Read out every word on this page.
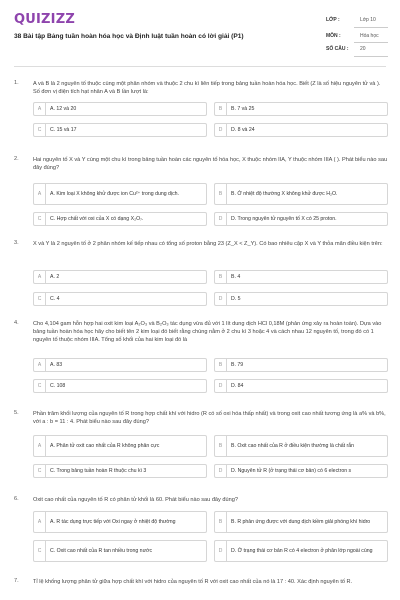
QUIZIZZ
38 Bài tập Bảng tuần hoàn hóa học và Định luật tuần hoàn có lời giải (P1)
LỚP :	Lớp 10
MÔN :	Hóa học
SỐ CÂU : 20
1.	A và B là 2 nguyên tố thuộc cùng một phân nhóm và thuộc 2 chu kì liên tiếp trong bảng tuần hoàn hóa học. Biết (Z là số hiệu nguyên tử và ). Số đơn vị điện tích hạt nhân A và B lần lượt là:
A	A. 12 và 20	B	B. 7 và 25
C	C. 15 và 17	D	D. 8 và 24
2.	Hai nguyên tố X và Y cùng một chu kì trong bảng tuần hoàn các nguyên tố hóa học, X thuộc nhóm IIA, Y thuộc nhóm IIIA ( ). Phát biểu nào sau đây đúng?
A	A. Kim loại X không khử được ion Cu²⁺ trong dung dịch.	B	B. Ở nhiệt độ thường X không khử được H₂O.
C	C. Hợp chất với oxi của X có dạng X₂O₇.	D	D. Trong nguyên tử nguyên tố X có 25 proton.
3.	X và Y là 2 nguyên tố ở 2 phân nhóm kế tiếp nhau có tổng số proton bằng 23 (Z_X < Z_Y). Có bao nhiêu cặp X và Y thỏa mãn điều kiện trên:
A	A. 2	B	B. 4
C	C. 4	D	D. 5
4.	Cho 4,104 gam hỗn hợp hai oxit kim loại A₂O₃ và B₂O₃ tác dụng vừa đủ với 1 lít dung dịch HCl 0,18M (phản ứng xảy ra hoàn toàn). Dựa vào bảng tuần hoàn hóa học hãy cho biết tên 2 kim loại đó biết rằng chúng nằm ở 2 chu kì 3 hoặc 4 và cách nhau 12 nguyên tố, trong đó có 1 nguyên tố thuộc nhóm IIIA. Tổng số khối của hai kim loại đó là
A	A. 83	B	B. 79
C	C. 108	D	D. 84
5.	Phần trăm khối lượng của nguyên tố R trong hợp chất khí với hidro (R có số oxi hóa thấp nhất) và trong oxit cao nhất tương ứng là a% và b%, với a : b = 11 : 4. Phát biểu nào sau đây đúng?
A	A. Phân tử oxit cao nhất của R không phân cực	B	B. Oxit cao nhất của R ở điều kiện thường là chất rắn
C	C. Trong bảng tuần hoàn R thuộc chu kì 3	D	D. Nguyên tử R (ở trạng thái cơ bản) có 6 electron s
6.	Oxit cao nhất của nguyên tố R có phân tử khối là 60. Phát biểu nào sau đây đúng?
A	A. R tác dụng trực tiếp với Oxi ngay ở nhiệt độ thường	B	B. R phản ứng được với dung dịch kiềm giải phóng khí hidro
C	C. Oxit cao nhất của R tan nhiều trong nước	D	D. Ở trạng thái cơ bản R có 4 electron ở phân lớp ngoài cùng
7.	Tỉ lệ khống lượng phân tử giữa hợp chất khí với hidro của nguyên tố R với oxit cao nhất của nó là 17 : 40. Xác định nguyên tố R.
